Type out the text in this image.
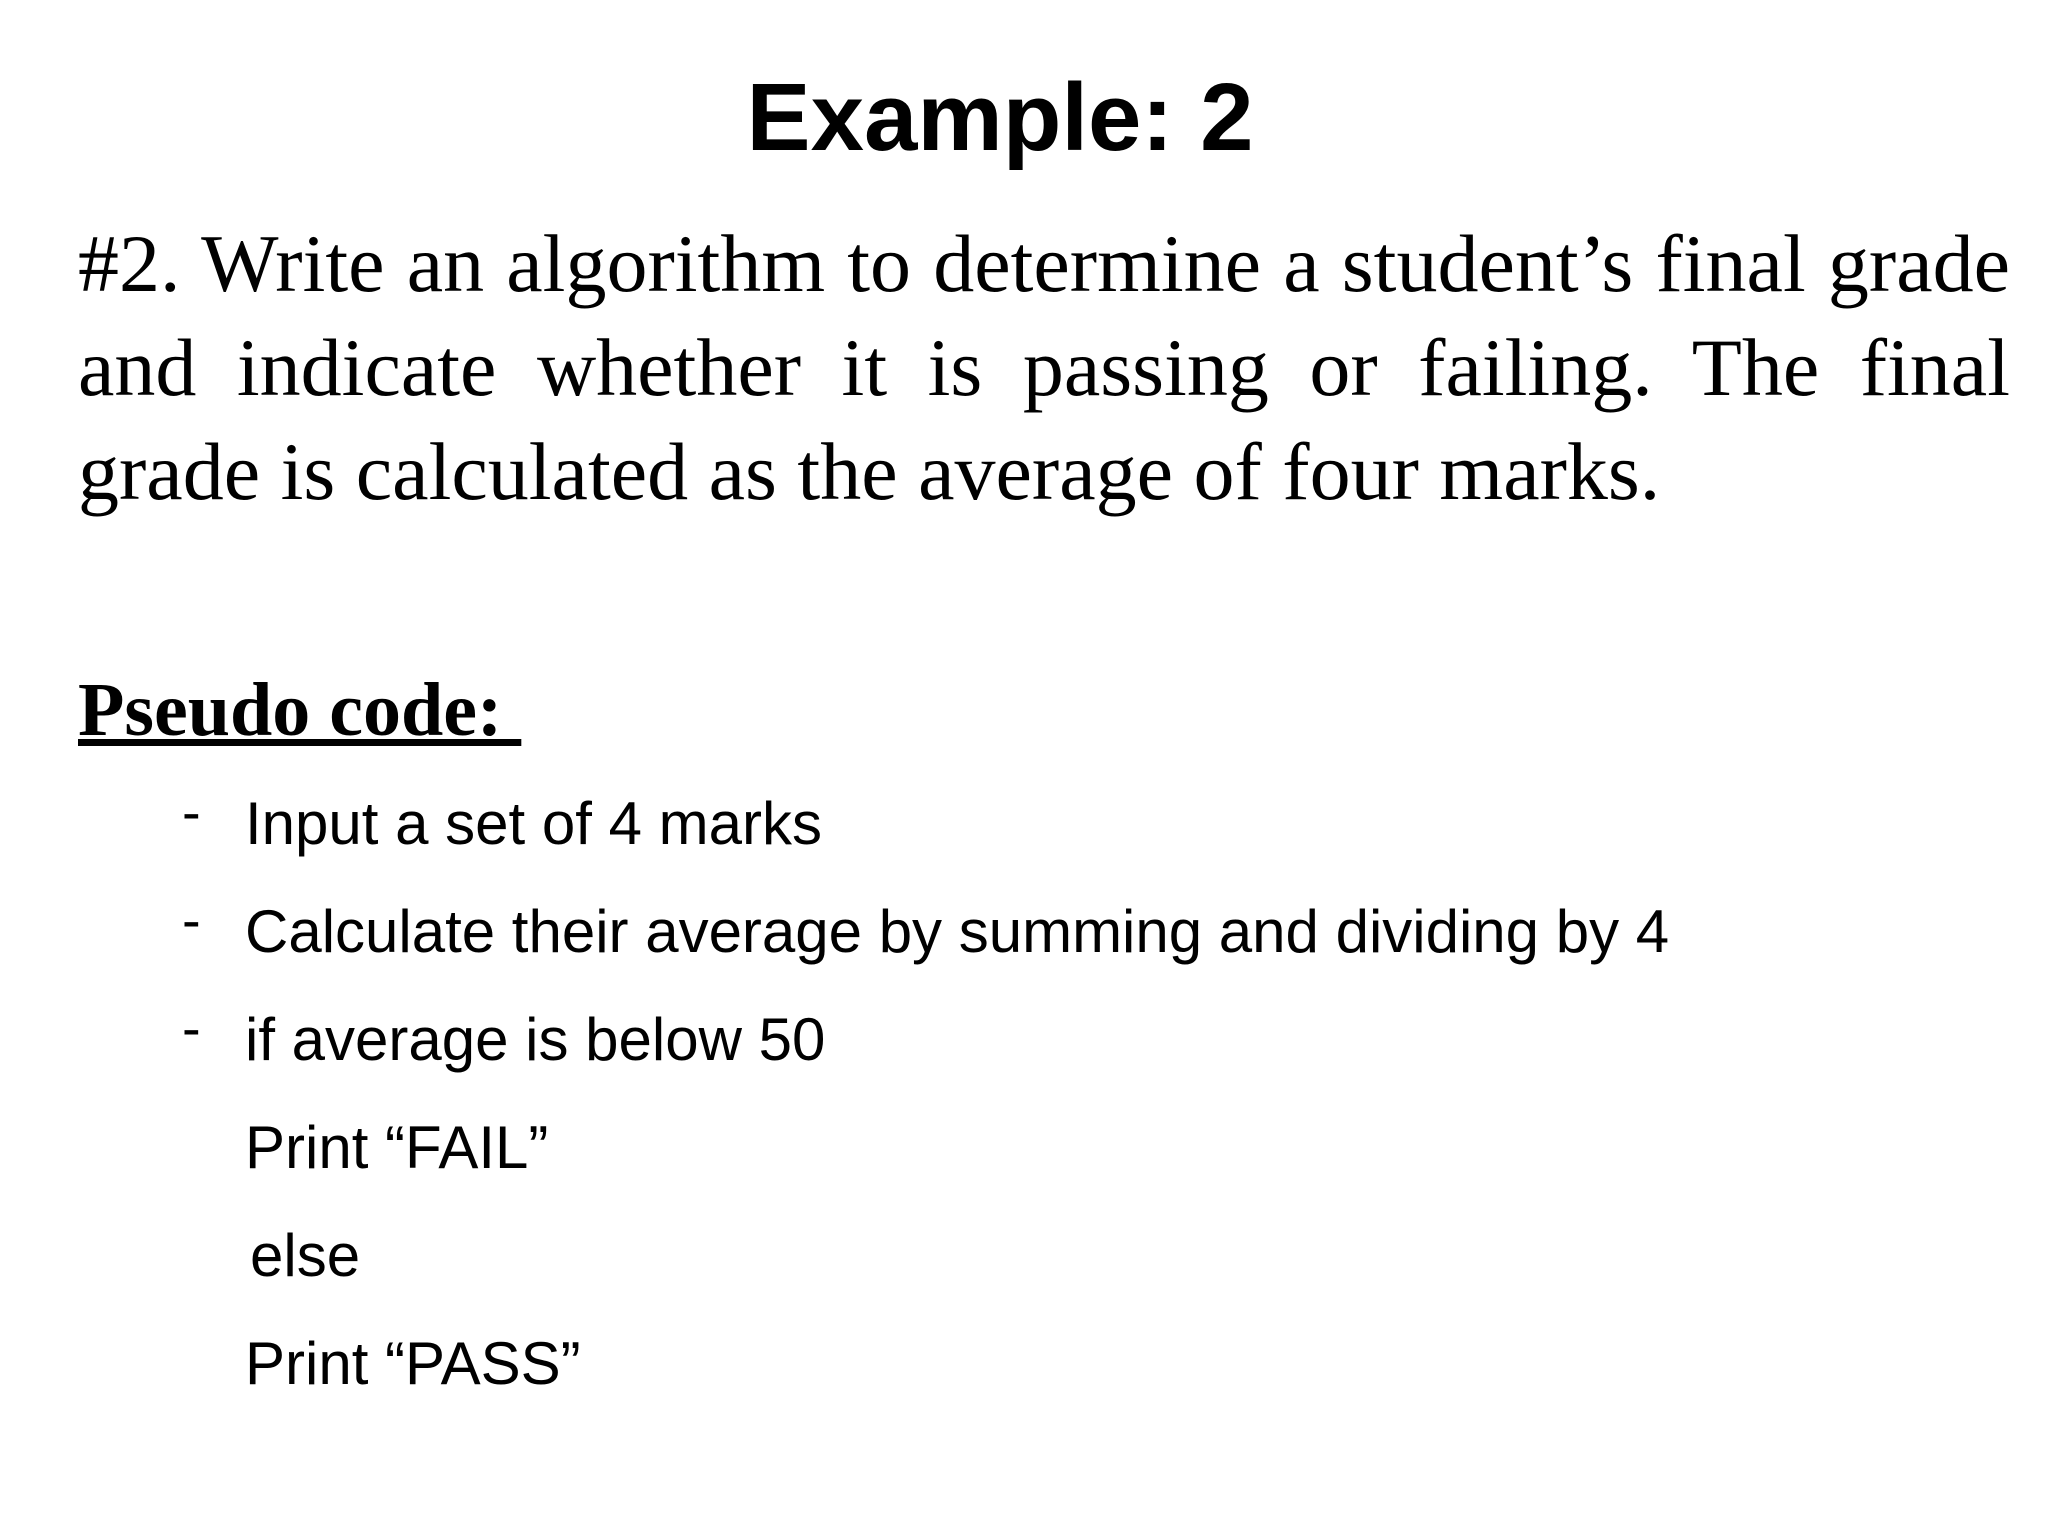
Example: 2

#2. Write an algorithm to determine a student’s final grade and indicate whether it is passing or failing. The final grade is calculated as the average of four marks.

Pseudo code:
- Input a set of 4 marks
- Calculate their average by summing and dividing by 4
- if average is below 50
Print “FAIL”
else
Print “PASS”
